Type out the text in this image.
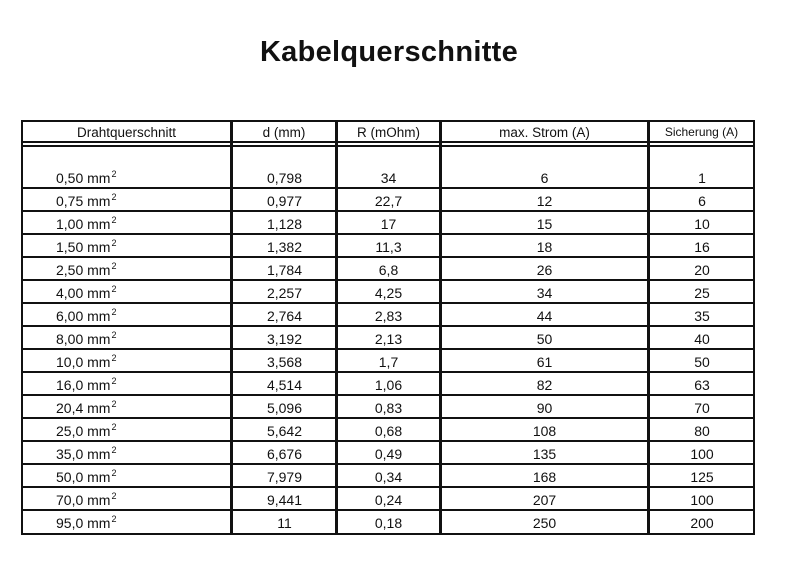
Kabelquerschnitte
Drahtquerschnitt	d (mm)	R (mOhm)	max. Strom (A)	Sicherung (A)
0,50 $mm^2$	0,798	34	6	1
0,75 $mm^2$	0,977	22,7	12	6
1,00 $mm^2$	1,128	17	15	10
1,50 $mm^2$	1,382	11,3	18	16
2,50 $mm^2$	1,784	6,8	26	20
4,00 $mm^2$	2,257	4,25	34	25
6,00 $mm^2$	2,764	2,83	44	35
8,00 $mm^2$	3,192	2,13	50	40
10,0 $mm^2$	3,568	1,7	61	50
16,0 $mm^2$	4,514	1,06	82	63
20,4 $mm^2$	5,096	0,83	90	70
25,0 $mm^2$	5,642	0,68	108	80
35,0 $mm^2$	6,676	0,49	135	100
50,0 $mm^2$	7,979	0,34	168	125
70,0 $mm^2$	9,441	0,24	207	100
95,0 $mm^2$	11	0,18	250	200
